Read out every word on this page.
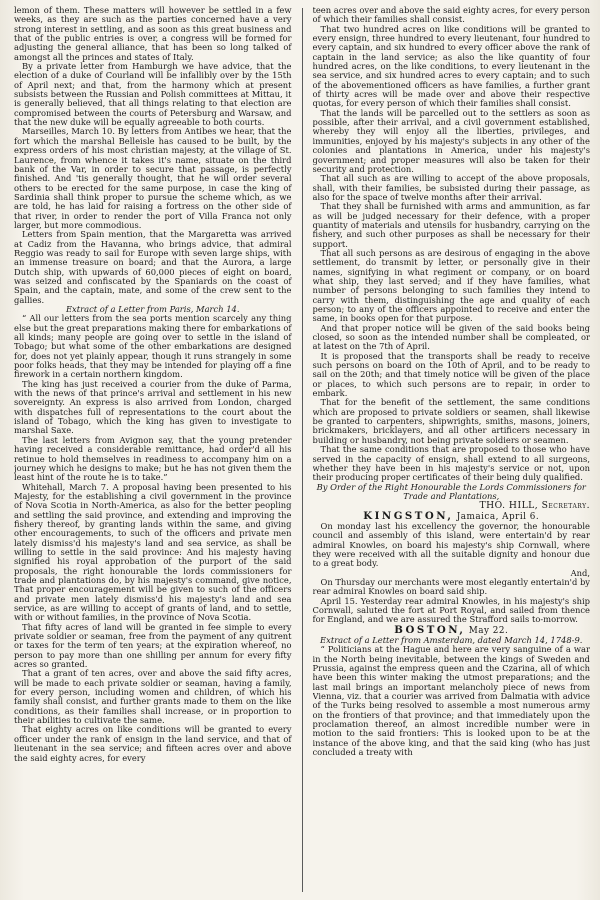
lemon of them. These matters will however be settled in a few weeks, as they are such as the parties concerned have a very strong interest in settling, and as soon as this great business and that of the public entries is over, a congress will be formed for adjusting the general alliance, that has been so long talked of amongst all the princes and states of Italy.

By a private letter from Hamburgh we have advice, that the election of a duke of Courland will be infallibly over by the 15th of April next; and that, from the harmony which at present subsists between the Russian and Polish committees at Mittau, it is generally believed, that all things relating to that election are compromised between the courts of Petersburg and Warsaw, and that the new duke will be equally agreeable to both courts.

Marseilles, March 10. By letters from Antibes we hear, that the fort which the marshal Belleisle has caused to be built, by the express orders of his most christian majesty, at the village of St. Laurence, from whence it takes it's name, situate on the third bank of the Var, in order to secure that passage, is perfectly finished. And 'tis generally thought, that he will order several others to be erected for the same purpose, in case the king of Sardinia shall think proper to pursue the scheme which, as we are told, he has laid for raising a fortress on the other side of that river, in order to render the port of Villa Franca not only larger, but more commodious.

Letters from Spain mention, that the Margaretta was arrived at Cadiz from the Havanna, who brings advice, that admiral Reggio was ready to sail for Europe with seven large ships, with an immense treasure on board; and that the Aurora, a large Dutch ship, with upwards of 60,000 pieces of eight on board, was seized and confiscated by the Spaniards on the coast of Spain, and the captain, mate, and some of the crew sent to the gallies.

Extract of a Letter from Paris, March 14.

“ All our letters from the sea ports mention scarcely any thing else but the great preparations making there for embarkations of all kinds; many people are going over to settle in the island of Tobago; but what some of the other embarkations are designed for, does not yet plainly appear, though it runs strangely in some poor folks heads, that they may be intended for playing off a fine firework in a certain northern kingdom.

The king has just received a courier from the duke of Parma, with the news of that prince's arrival and settlement in his new sovereignty. An express is also arrived from London, charged with dispatches full of representations to the court about the island of Tobago, which the king has given to investigate to marshal Saxe.

The last letters from Avignon say, that the young pretender having received a considerable remittance, had order'd all his retinue to hold themselves in readiness to accompany him on a journey which he designs to make; but he has not given them the least hint of the route he is to take.”

Whitehall, March 7. A proposal having been presented to his Majesty, for the establishing a civil government in the province of Nova Scotia in North-America, as also for the better peopling and settling the said province, and extending and improving the fishery thereof, by granting lands within the same, and giving other encouragements, to such of the officers and private men lately dismiss'd his majesty's land and sea service, as shall be willing to settle in the said province: And his majesty having signified his royal approbation of the purport of the said proposals, the right honourable the lords commissioners for trade and plantations do, by his majesty's command, give notice, That proper encouragement will be given to such of the officers and private men lately dismiss'd his majesty's land and sea service, as are willing to accept of grants of land, and to settle, with or without families, in the province of Nova Scotia.

That fifty acres of land will be granted in fee simple to every private soldier or seaman, free from the payment of any quitrent or taxes for the term of ten years; at the expiration whereof, no person to pay more than one shilling per annum for every fifty acres so granted.

That a grant of ten acres, over and above the said fifty acres, will be made to each private soldier or seaman, having a family, for every person, including women and children, of which his family shall consist, and further grants made to them on the like conditions, as their families shall increase, or in proportion to their abilities to cultivate the same.

That eighty acres on like conditions will be granted to every officer under the rank of ensign in the land service, and that of lieutenant in the sea service; and fifteen acres over and above the said eighty acres, for every

teen acres over and above the said eighty acres, for every person of which their families shall consist.

That two hundred acres on like conditions will be granted to every ensign, three hundred to every lieutenant, four hundred to every captain, and six hundred to every officer above the rank of captain in the land service; as also the like quantity of four hundred acres, on the like conditions, to every lieutenant in the sea service, and six hundred acres to every captain; and to such of the abovementioned officers as have families, a further grant of thirty acres will be made over and above their respective quotas, for every person of which their families shall consist.

That the lands will be parcelled out to the settlers as soon as possible, after their arrival, and a civil government established, whereby they will enjoy all the liberties, privileges, and immunities, enjoyed by his majesty's subjects in any other of the colonies and plantations in America, under his majesty's government; and proper measures will also be taken for their security and protection.

That all such as are willing to accept of the above proposals, shall, with their families, be subsisted during their passage, as also for the space of twelve months after their arrival.

That they shall be furnished with arms and ammunition, as far as will be judged necessary for their defence, with a proper quantity of materials and utensils for husbandry, carrying on the fishery, and such other purposes as shall be necessary for their support.

That all such persons as are desirous of engaging in the above settlement, do transmit by letter, or personally give in their names, signifying in what regiment or company, or on board what ship, they last served; and if they have families, what number of persons belonging to such families they intend to carry with them, distinguishing the age and quality of each person; to any of the officers appointed to receive and enter the same, in books open for that purpose.

And that proper notice will be given of the said books being closed, so soon as the intended number shall be compleated, or at latest on the 7th of April.

It is proposed that the transports shall be ready to receive such persons on board on the 10th of April, and to be ready to sail on the 20th; and that timely notice will be given of the place or places, to which such persons are to repair, in order to embark.

That for the benefit of the settlement, the same conditions which are proposed to private soldiers or seamen, shall likewise be granted to carpenters, shipwrights, smiths, masons, joiners, brickmakers, bricklayers, and all other artificers necessary in building or husbandry, not being private soldiers or seamen.

That the same conditions that are proposed to those who have served in the capacity of ensign, shall extend to all surgeons, whether they have been in his majesty's service or not, upon their producing proper certificates of their being duly qualified.

By Order of the Right Honourable the Lords Commissioners for Trade and Plantations,

THO. HILL, Secretary.

KINGSTON, Jamaica, April 6.

On monday last his excellency the governor, the honourable council and assembly of this island, were entertain'd by rear admiral Knowles, on board his majesty's ship Cornwall, where they were received with all the suitable dignity and honour due to a great body.

And,

On Thursday our merchants were most elegantly entertain'd by rear admiral Knowles on board said ship.

April 15. Yesterday rear admiral Knowles, in his majesty's ship Cornwall, saluted the fort at Port Royal, and sailed from thence for England, and we are assured the Strafford sails to-morrow.

BOSTON, May 22.

Extract of a Letter from Amsterdam, dated March 14, 1748-9.

“ Politicians at the Hague and here are very sanguine of a war in the North being inevitable, between the kings of Sweden and Prussia, against the empress queen and the Czarina, all of which have been this winter making the utmost preparations; and the last mail brings an important melancholy piece of news from Vienna, viz. that a courier was arrived from Dalmatia with advice of the Turks being resolved to assemble a most numerous army on the frontiers of that province; and that immediately upon the proclamation thereof, an almost incredible number were in motion to the said frontiers: This is looked upon to be at the instance of the above king, and that the said king (who has just concluded a treaty with
